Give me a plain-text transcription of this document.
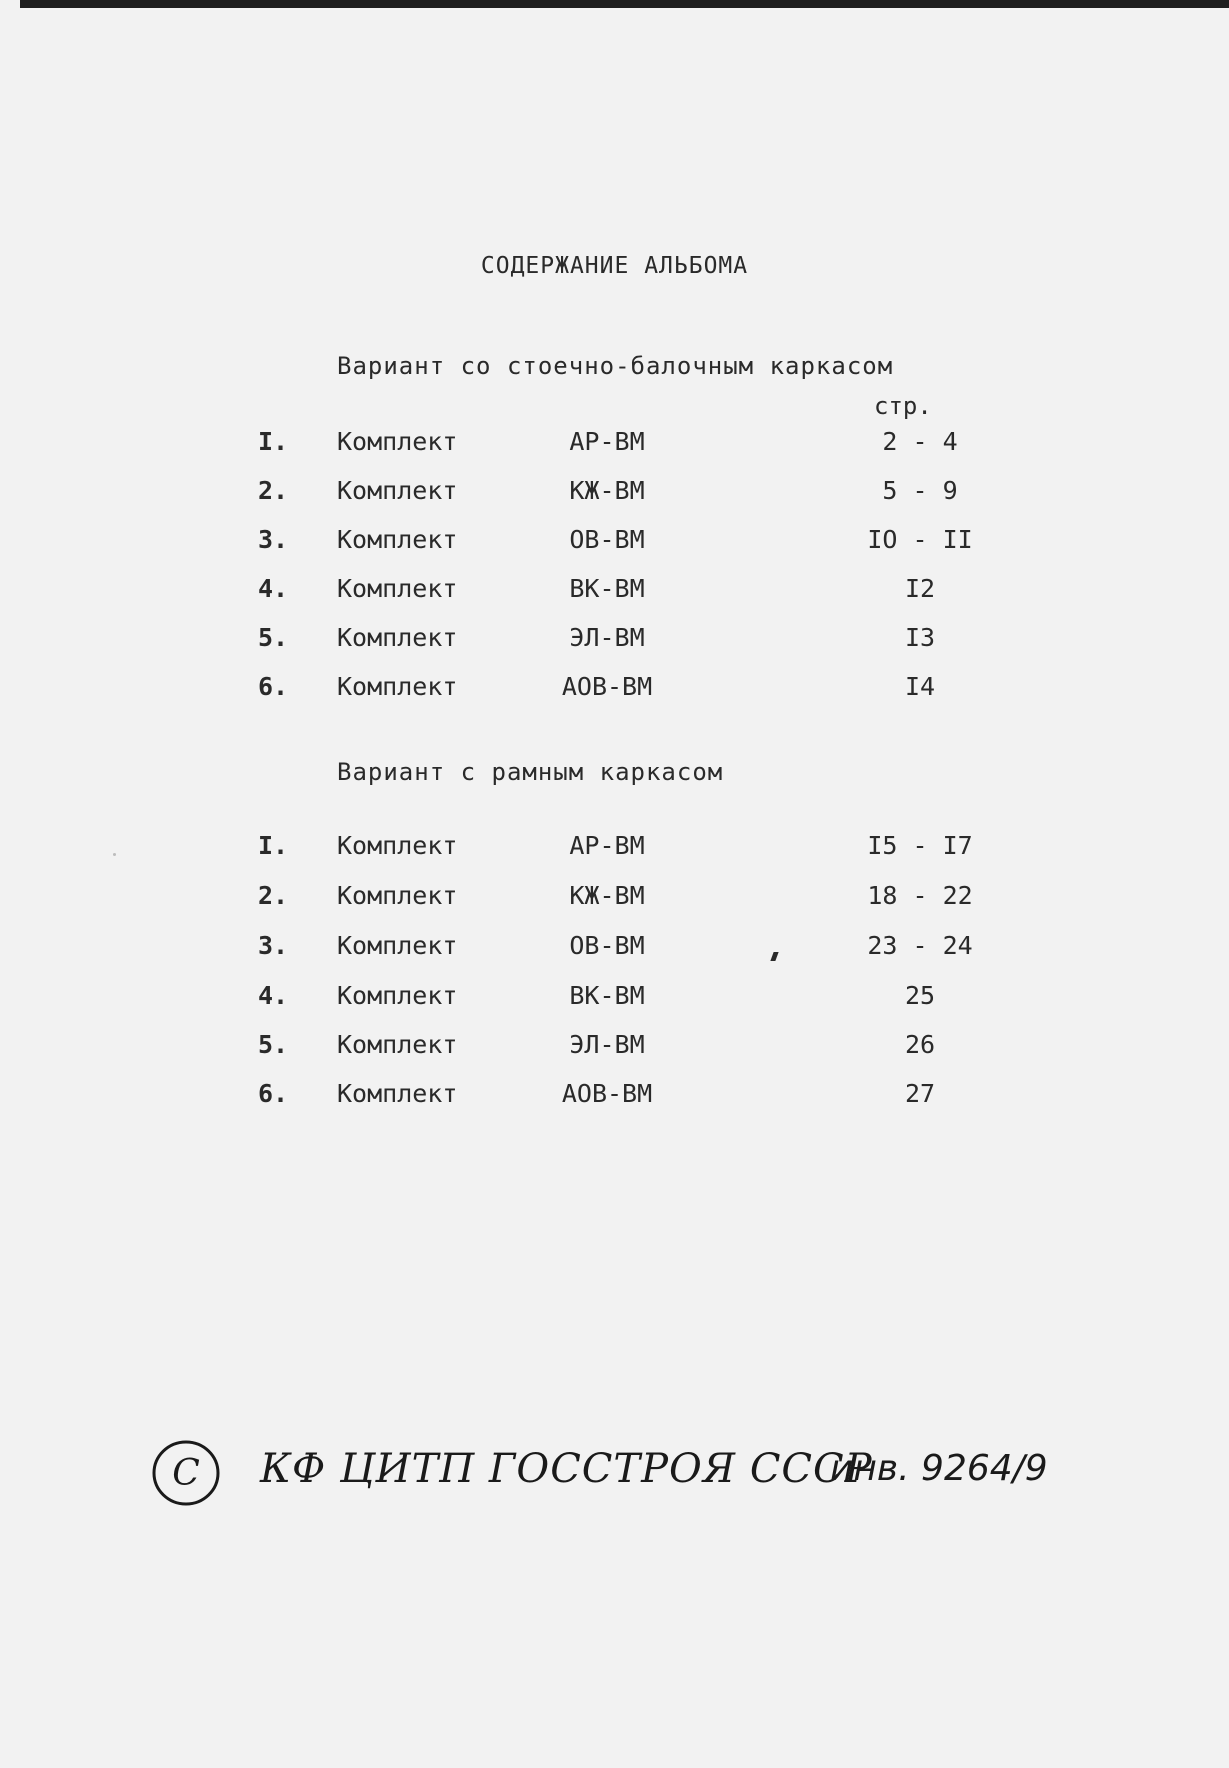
СОДЕРЖАНИЕ АЛЬБОМА
Вариант со стоечно-балочным каркасом
стр.
I. Комплект	АР-ВМ	2 - 4
2. Комплект	КЖ-ВМ	5 - 9
3. Комплект	ОВ-ВМ	IO - II
4. Комплект	ВК-ВМ	I2
5. Комплект	ЭЛ-ВМ	I3
6. Комплект	АОВ-ВМ	I4
Вариант с рамным каркасом
I. Комплект	АР-ВМ	I5 - I7
2. Комплект	КЖ-ВМ	18 - 22
3. Комплект	ОВ-ВМ	23 - 24
4. Комплект	ВК-ВМ	25
5. Комплект	ЭЛ-ВМ	26
6. Комплект	АОВ-ВМ	27
C КФ ЦИТП ГОССТРОЯ СССР
инв. 9264/9
